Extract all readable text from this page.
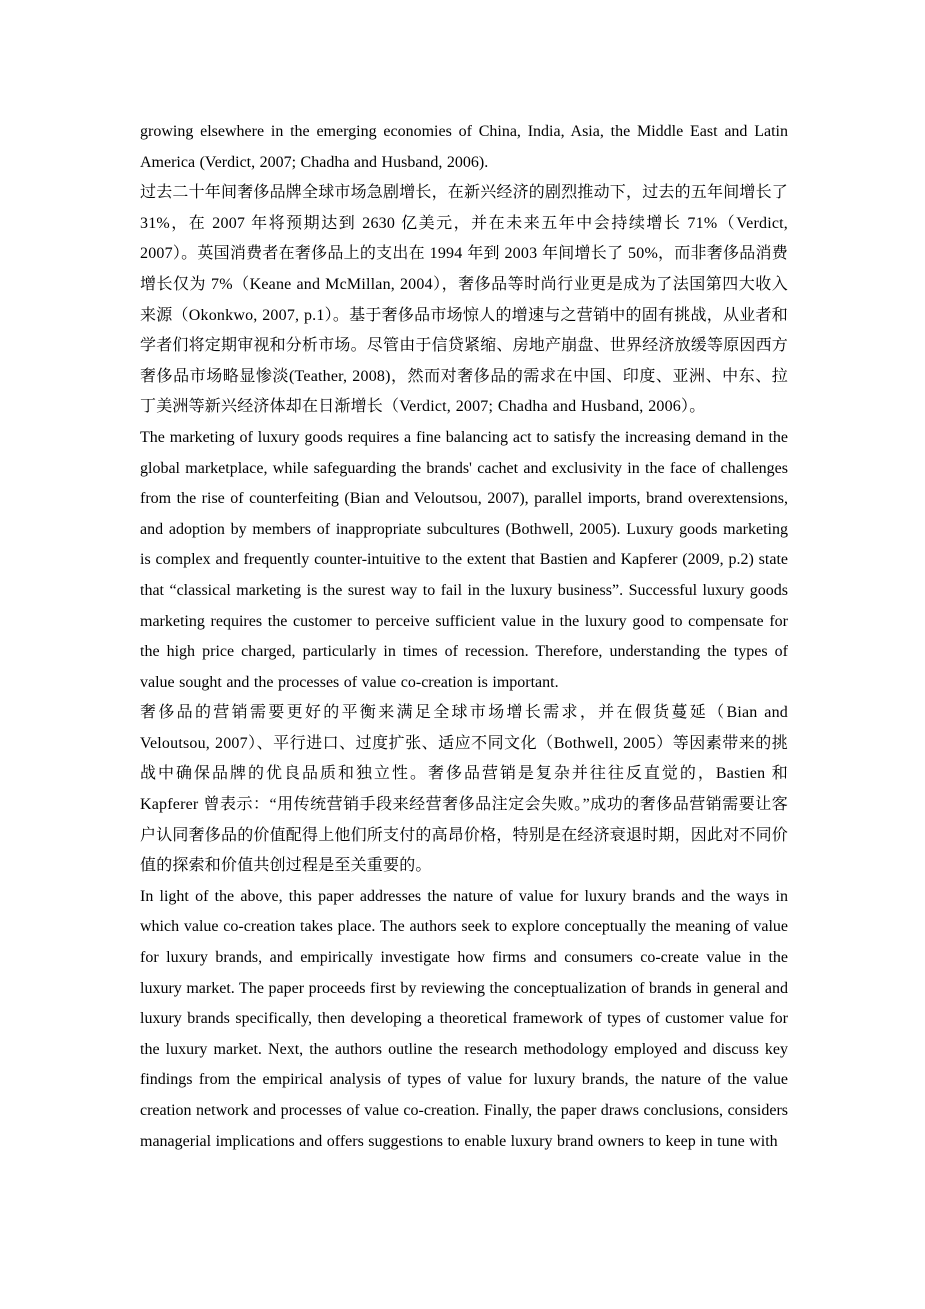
growing elsewhere in the emerging economies of China, India, Asia, the Middle East and Latin America (Verdict, 2007; Chadha and Husband, 2006).

过去二十年间奢侈品牌全球市场急剧增长，在新兴经济的剧烈推动下，过去的五年间增长了 31%，在 2007 年将预期达到 2630 亿美元，并在未来五年中会持续增长 71%（Verdict, 2007）。英国消费者在奢侈品上的支出在 1994 年到 2003 年间增长了 50%，而非奢侈品消费增长仅为 7%（Keane and McMillan, 2004），奢侈品等时尚行业更是成为了法国第四大收入来源（Okonkwo, 2007, p.1）。基于奢侈品市场惊人的增速与之营销中的固有挑战，从业者和学者们将定期审视和分析市场。尽管由于信贷紧缩、房地产崩盘、世界经济放缓等原因西方奢侈品市场略显惨淡(Teather, 2008)，然而对奢侈品的需求在中国、印度、亚洲、中东、拉丁美洲等新兴经济体却在日渐增长（Verdict, 2007; Chadha and Husband, 2006）。

The marketing of luxury goods requires a fine balancing act to satisfy the increasing demand in the global marketplace, while safeguarding the brands' cachet and exclusivity in the face of challenges from the rise of counterfeiting (Bian and Veloutsou, 2007), parallel imports, brand overextensions, and adoption by members of inappropriate subcultures (Bothwell, 2005). Luxury goods marketing is complex and frequently counter-intuitive to the extent that Bastien and Kapferer (2009, p.2) state that “classical marketing is the surest way to fail in the luxury business”. Successful luxury goods marketing requires the customer to perceive sufficient value in the luxury good to compensate for the high price charged, particularly in times of recession. Therefore, understanding the types of value sought and the processes of value co-creation is important.

奢侈品的营销需要更好的平衡来满足全球市场增长需求，并在假货蔓延（Bian and Veloutsou, 2007）、平行进口、过度扩张、适应不同文化（Bothwell, 2005）等因素带来的挑战中确保品牌的优良品质和独立性。奢侈品营销是复杂并往往反直觉的，Bastien 和 Kapferer 曾表示：“用传统营销手段来经营奢侈品注定会失败。”成功的奢侈品营销需要让客户认同奢侈品的价值配得上他们所支付的高昂价格，特别是在经济衰退时期，因此对不同价值的探索和价值共创过程是至关重要的。

In light of the above, this paper addresses the nature of value for luxury brands and the ways in which value co-creation takes place. The authors seek to explore conceptually the meaning of value for luxury brands, and empirically investigate how firms and consumers co-create value in the luxury market. The paper proceeds first by reviewing the conceptualization of brands in general and luxury brands specifically, then developing a theoretical framework of types of customer value for the luxury market. Next, the authors outline the research methodology employed and discuss key findings from the empirical analysis of types of value for luxury brands, the nature of the value creation network and processes of value co-creation. Finally, the paper draws conclusions, considers managerial implications and offers suggestions to enable luxury brand owners to keep in tune with
